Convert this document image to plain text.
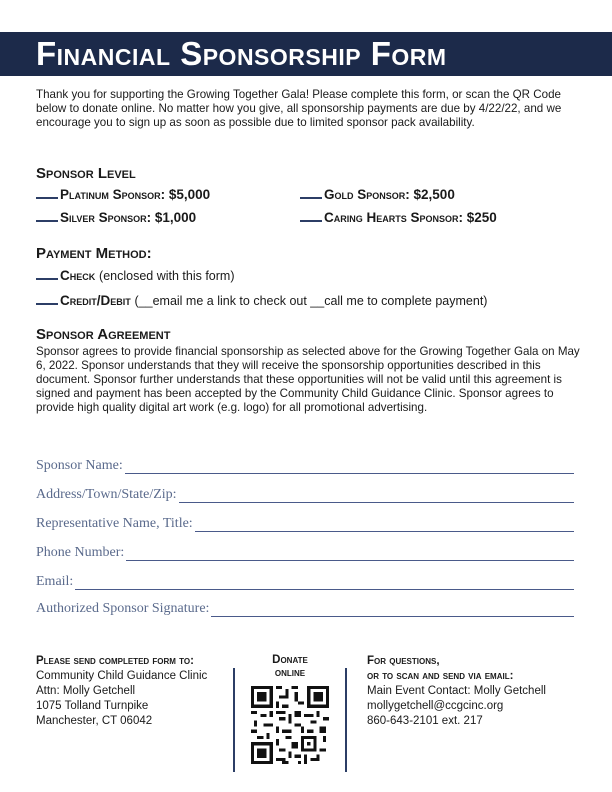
Financial Sponsorship Form

Thank you for supporting the Growing Together Gala! Please complete this form, or scan the QR Code below to donate online. No matter how you give, all sponsorship payments are due by 4/22/22, and we encourage you to sign up as soon as possible due to limited sponsor pack availability.

Sponsor Level
Platinum Sponsor: $5,000	Gold Sponsor: $2,500
Silver Sponsor: $1,000	Caring Hearts Sponsor: $250
Payment Method:
Check (enclosed with this form)
Credit/Debit (__email me a link to check out __call me to complete payment)
Sponsor Agreement

Sponsor agrees to provide financial sponsorship as selected above for the Growing Together Gala on May 6, 2022. Sponsor understands that they will receive the sponsorship opportunities described in this document. Sponsor further understands that these opportunities will not be valid until this agreement is signed and payment has been accepted by the Community Child Guidance Clinic. Sponsor agrees to provide high quality digital art work (e.g. logo) for all promotional advertising.

Sponsor Name:
Address/Town/State/Zip:
Representative Name, Title:
Phone Number:
Email:
Authorized Sponsor Signature:
Please send completed form to:
Community Child Guidance Clinic
Attn: Molly Getchell
1075 Tolland Turnpike
Manchester, CT 06042
Donate
online
For questions,
or to scan and send via email:
Main Event Contact: Molly Getchell
mollygetchell@ccgcinc.org
860-643-2101 ext. 217
